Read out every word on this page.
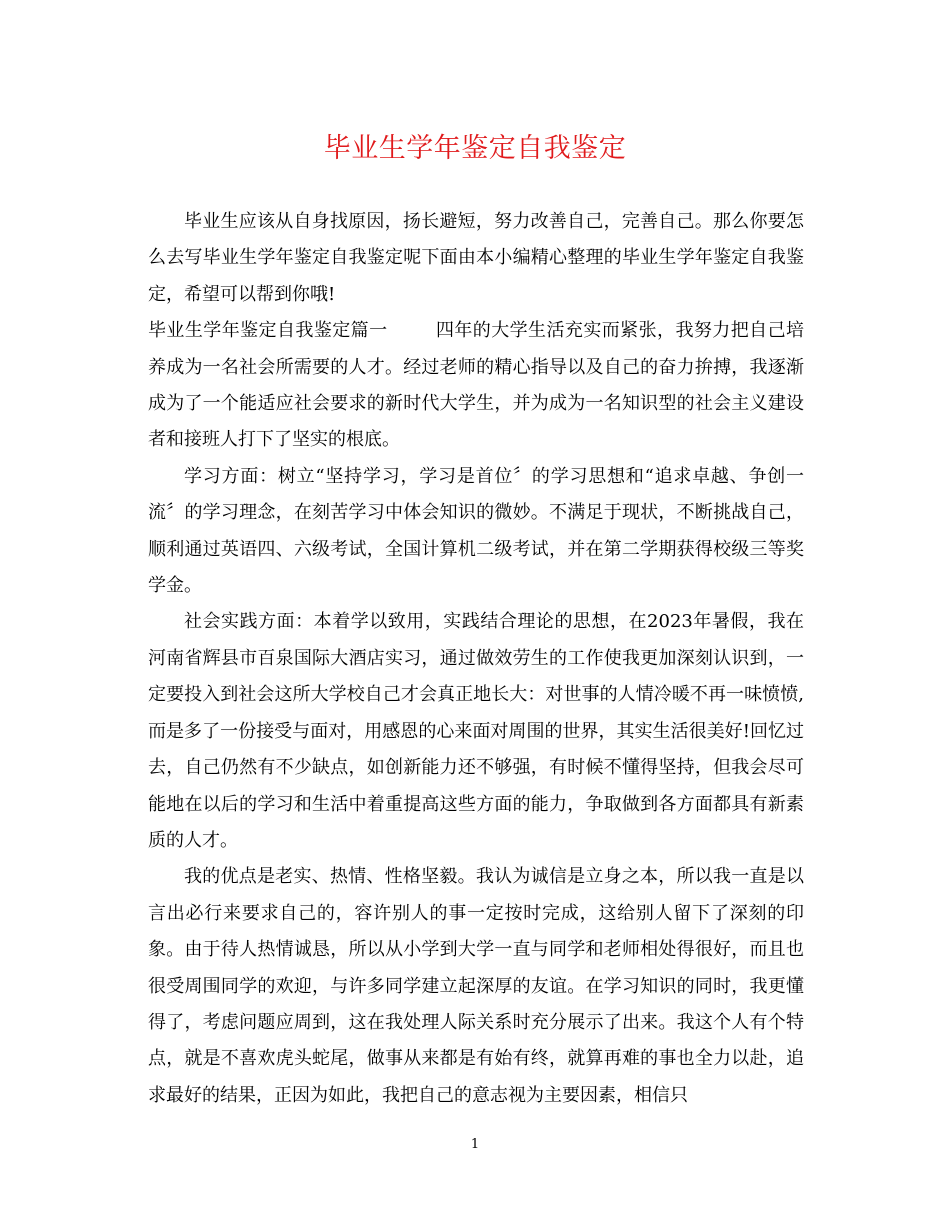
毕业生学年鉴定自我鉴定

毕业生应该从自身找原因，扬长避短，努力改善自己，完善自己。那么你要怎么去写毕业生学年鉴定自我鉴定呢下面由本小编精心整理的毕业生学年鉴定自我鉴定，希望可以帮到你哦!

毕业生学年鉴定自我鉴定篇一	四年的大学生活充实而紧张，我努力把自己培养成为一名社会所需要的人才。经过老师的精心指导以及自己的奋力拚搏，我逐渐成为了一个能适应社会要求的新时代大学生，并为成为一名知识型的社会主义建设者和接班人打下了坚实的根底。

学习方面：树立“坚持学习，学习是首位〞的学习思想和“追求卓越、争创一流〞的学习理念，在刻苦学习中体会知识的微妙。不满足于现状，不断挑战自己，顺利通过英语四、六级考试，全国计算机二级考试，并在第二学期获得校级三等奖学金。

社会实践方面：本着学以致用，实践结合理论的思想，在2023年暑假，我在河南省辉县市百泉国际大酒店实习，通过做效劳生的工作使我更加深刻认识到，一定要投入到社会这所大学校自己才会真正地长大：对世事的人情冷暖不再一味愤愤,而是多了一份接受与面对，用感恩的心来面对周围的世界，其实生活很美好!回忆过去，自己仍然有不少缺点，如创新能力还不够强，有时候不懂得坚持，但我会尽可能地在以后的学习和生活中着重提高这些方面的能力，争取做到各方面都具有新素质的人才。

我的优点是老实、热情、性格坚毅。我认为诚信是立身之本，所以我一直是以言出必行来要求自己的，容许别人的事一定按时完成，这给别人留下了深刻的印象。由于待人热情诚恳，所以从小学到大学一直与同学和老师相处得很好，而且也很受周围同学的欢迎，与许多同学建立起深厚的友谊。在学习知识的同时，我更懂得了，考虑问题应周到，这在我处理人际关系时充分展示了出来。我这个人有个特点，就是不喜欢虎头蛇尾，做事从来都是有始有终，就算再难的事也全力以赴，追求最好的结果，正因为如此，我把自己的意志视为主要因素，相信只

1
